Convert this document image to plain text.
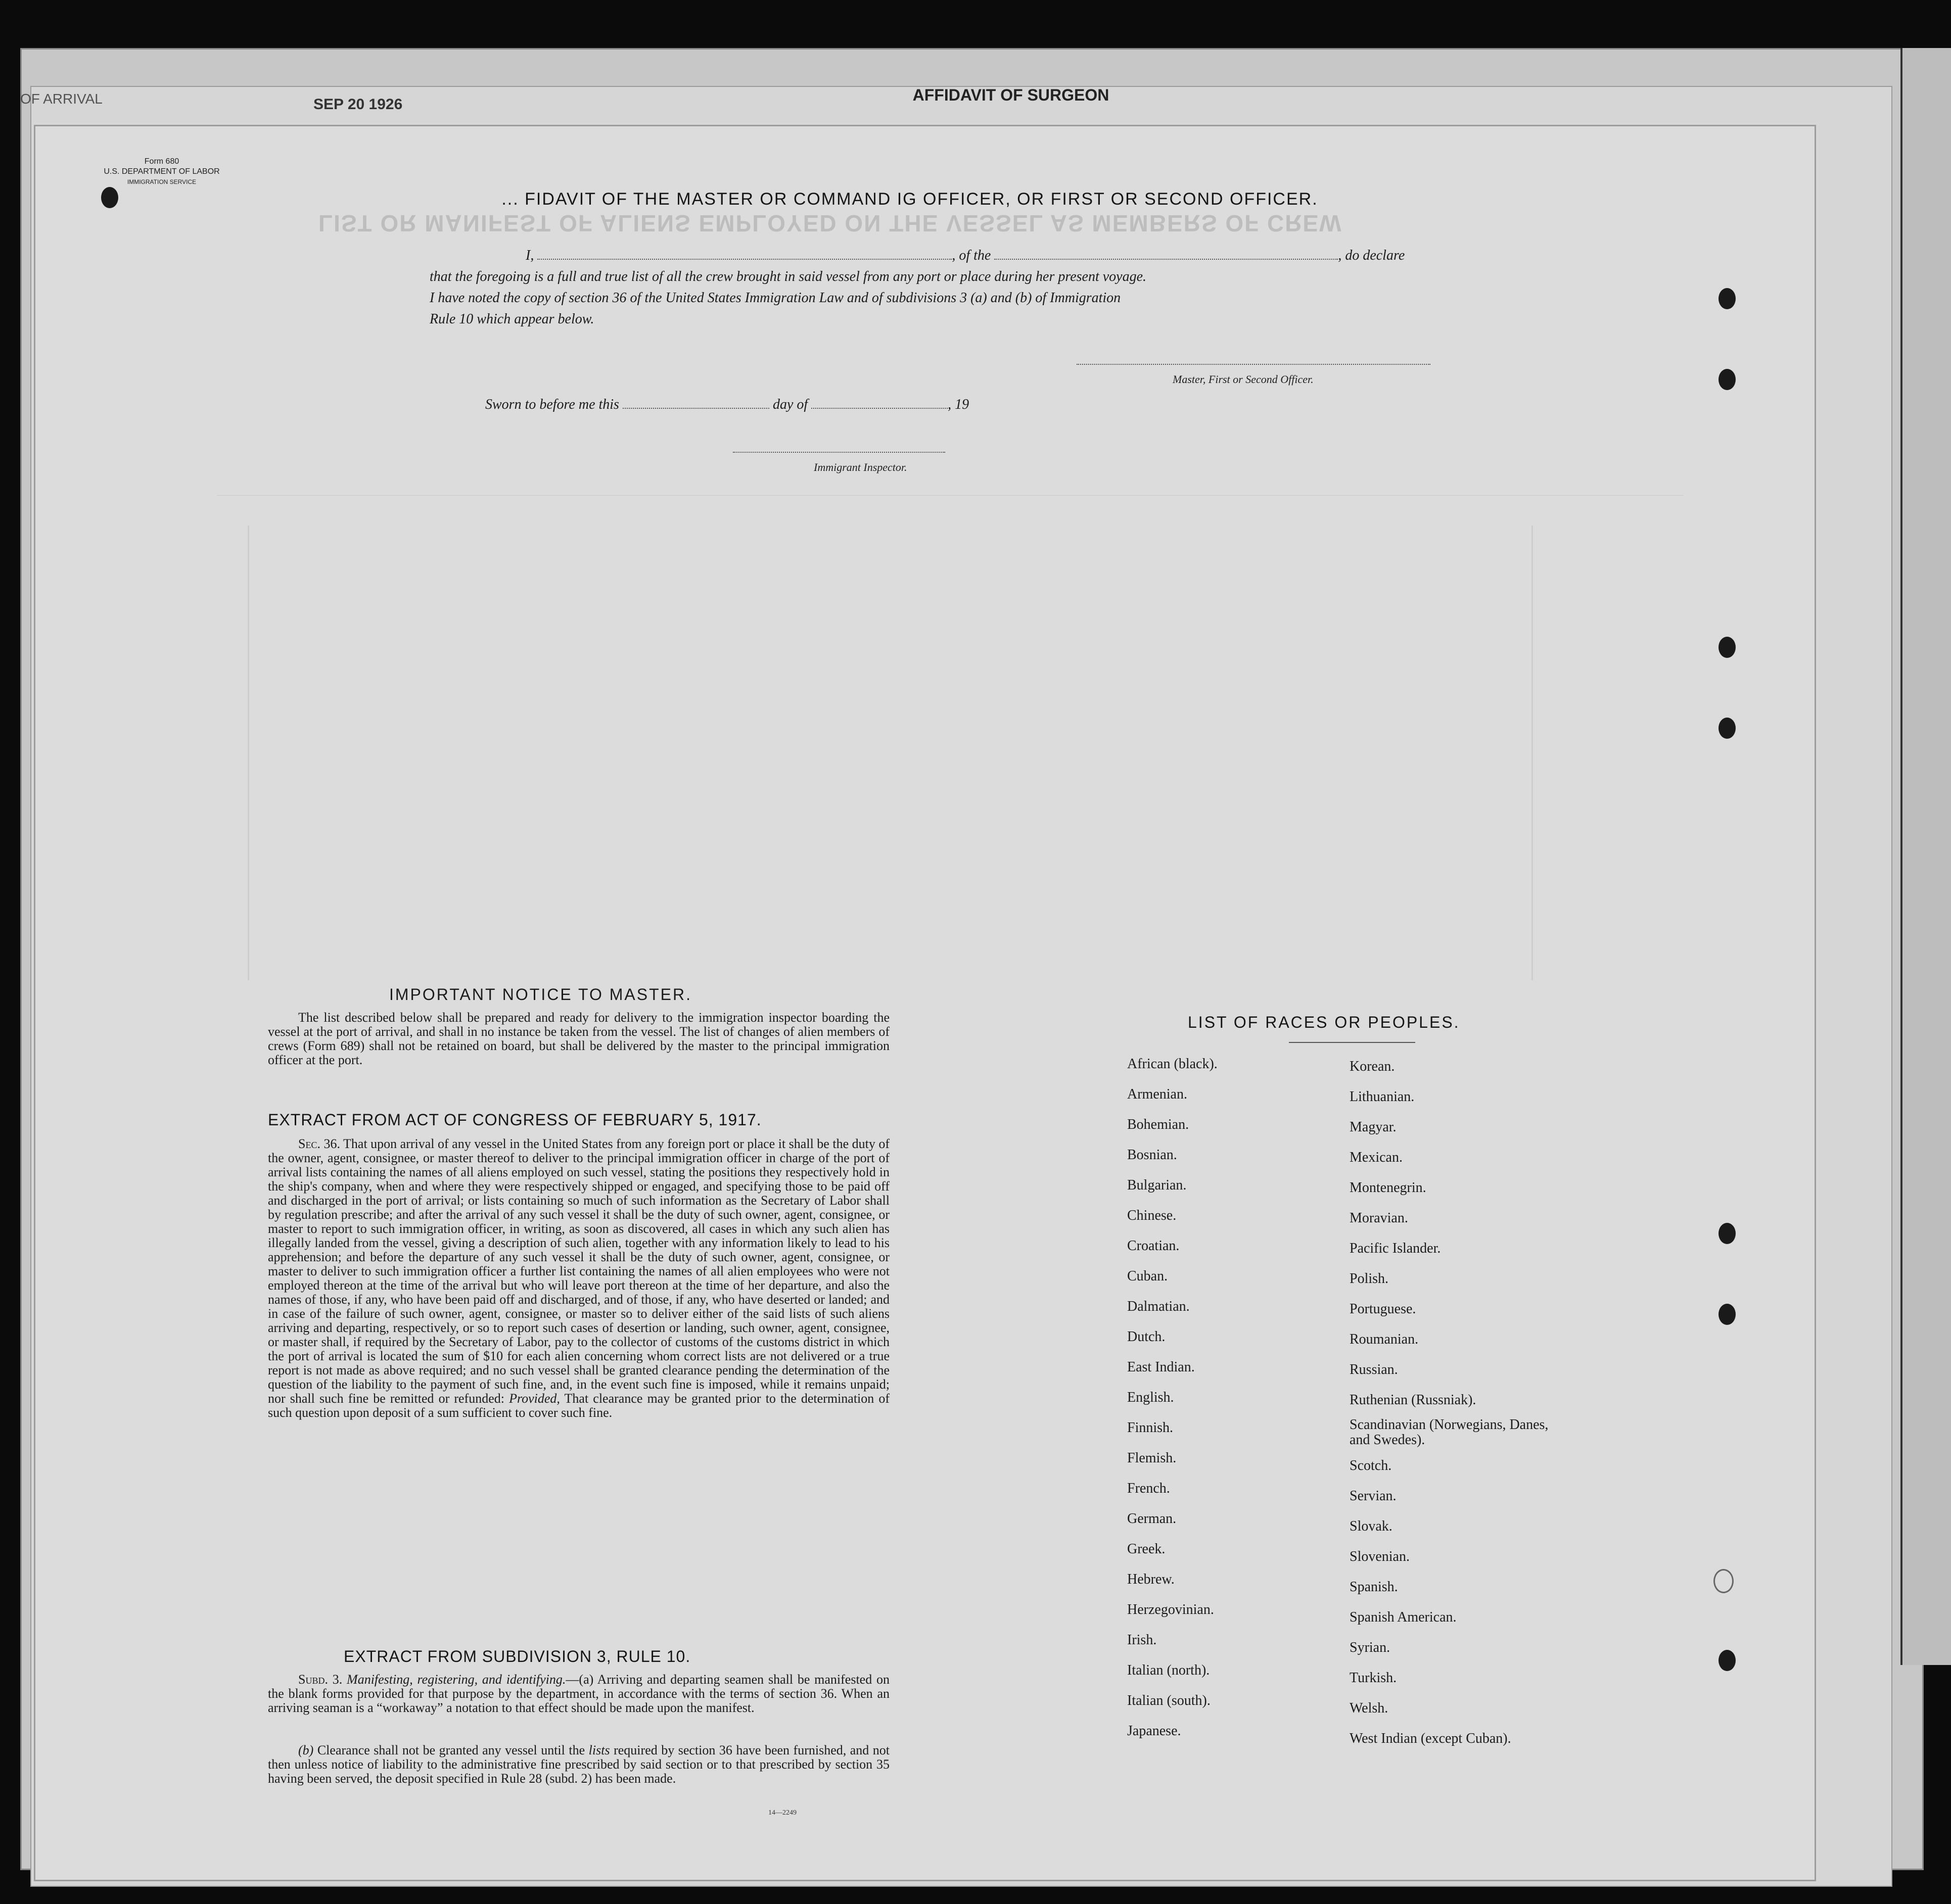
OF ARRIVAL	SEP 20 1926
AFFIDAVIT OF SURGEON
Form 680
U.S. DEPARTMENT OF LABOR
IMMIGRATION SERVICE
LIST OR MANIFEST OF ALIENS EMPLOYED ON THE VESSEL AS MEMBERS OF CREW
... FIDAVIT OF THE MASTER OR COMMAND IG OFFICER, OR FIRST OR SECOND OFFICER.
I,	, of the	, do declare
that the foregoing is a full and true list of all the crew brought in said vessel from any port or place during her present voyage.
I have noted the copy of section 36 of the United States Immigration Law and of subdivisions 3 (a) and (b) of Immigration
Rule 10 which appear below.
Master, First or Second Officer.
Sworn to before me this	day of	, 19
Immigrant Inspector.
IMPORTANT NOTICE TO MASTER.
The list described below shall be prepared and ready for delivery to the immigration inspector boarding the vessel at the port of arrival, and shall in no instance be taken from the vessel. The list of changes of alien members of crews (Form 689) shall not be retained on board, but shall be delivered by the master to the principal immigration officer at the port.
EXTRACT FROM ACT OF CONGRESS OF FEBRUARY 5, 1917.
Sec. 36. That upon arrival of any vessel in the United States from any foreign port or place it shall be the duty of the owner, agent, consignee, or master thereof to deliver to the principal immigration officer in charge of the port of arrival lists containing the names of all aliens employed on such vessel, stating the positions they respectively hold in the ship's company, when and where they were respectively shipped or engaged, and specifying those to be paid off and discharged in the port of arrival; or lists containing so much of such information as the Secretary of Labor shall by regulation prescribe; and after the arrival of any such vessel it shall be the duty of such owner, agent, consignee, or master to report to such immigration officer, in writing, as soon as discovered, all cases in which any such alien has illegally landed from the vessel, giving a description of such alien, together with any information likely to lead to his apprehension; and before the departure of any such vessel it shall be the duty of such owner, agent, consignee, or master to deliver to such immigration officer a further list containing the names of all alien employees who were not employed thereon at the time of the arrival but who will leave port thereon at the time of her departure, and also the names of those, if any, who have been paid off and discharged, and of those, if any, who have deserted or landed; and in case of the failure of such owner, agent, consignee, or master so to deliver either of the said lists of such aliens arriving and departing, respectively, or so to report such cases of desertion or landing, such owner, agent, consignee, or master shall, if required by the Secretary of Labor, pay to the collector of customs of the customs district in which the port of arrival is located the sum of $10 for each alien concerning whom correct lists are not delivered or a true report is not made as above required; and no such vessel shall be granted clearance pending the determination of the question of the liability to the payment of such fine, and, in the event such fine is imposed, while it remains unpaid; nor shall such fine be remitted or refunded: Provided, That clearance may be granted prior to the determination of such question upon deposit of a sum sufficient to cover such fine.
EXTRACT FROM SUBDIVISION 3, RULE 10.
Subd. 3. Manifesting, registering, and identifying.—(a) Arriving and departing seamen shall be manifested on the blank forms provided for that purpose by the department, in accordance with the terms of section 36. When an arriving seaman is a “workaway” a notation to that effect should be made upon the manifest.
(b) Clearance shall not be granted any vessel until the lists required by section 36 have been furnished, and not then unless notice of liability to the administrative fine prescribed by said section or to that prescribed by section 35 having been served, the deposit specified in Rule 28 (subd. 2) has been made.
14—2249
LIST OF RACES OR PEOPLES.
African (black).
Armenian.
Bohemian.
Bosnian.
Bulgarian.
Chinese.
Croatian.
Cuban.
Dalmatian.
Dutch.
East Indian.
English.
Finnish.
Flemish.
French.
German.
Greek.
Hebrew.
Herzegovinian.
Irish.
Italian (north).
Italian (south).
Japanese.
Korean.
Lithuanian.
Magyar.
Mexican.
Montenegrin.
Moravian.
Pacific Islander.
Polish.
Portuguese.
Roumanian.
Russian.
Ruthenian (Russniak).
Scandinavian (Norwegians, Danes, and Swedes).
Scotch.
Servian.
Slovak.
Slovenian.
Spanish.
Spanish American.
Syrian.
Turkish.
Welsh.
West Indian (except Cuban).
